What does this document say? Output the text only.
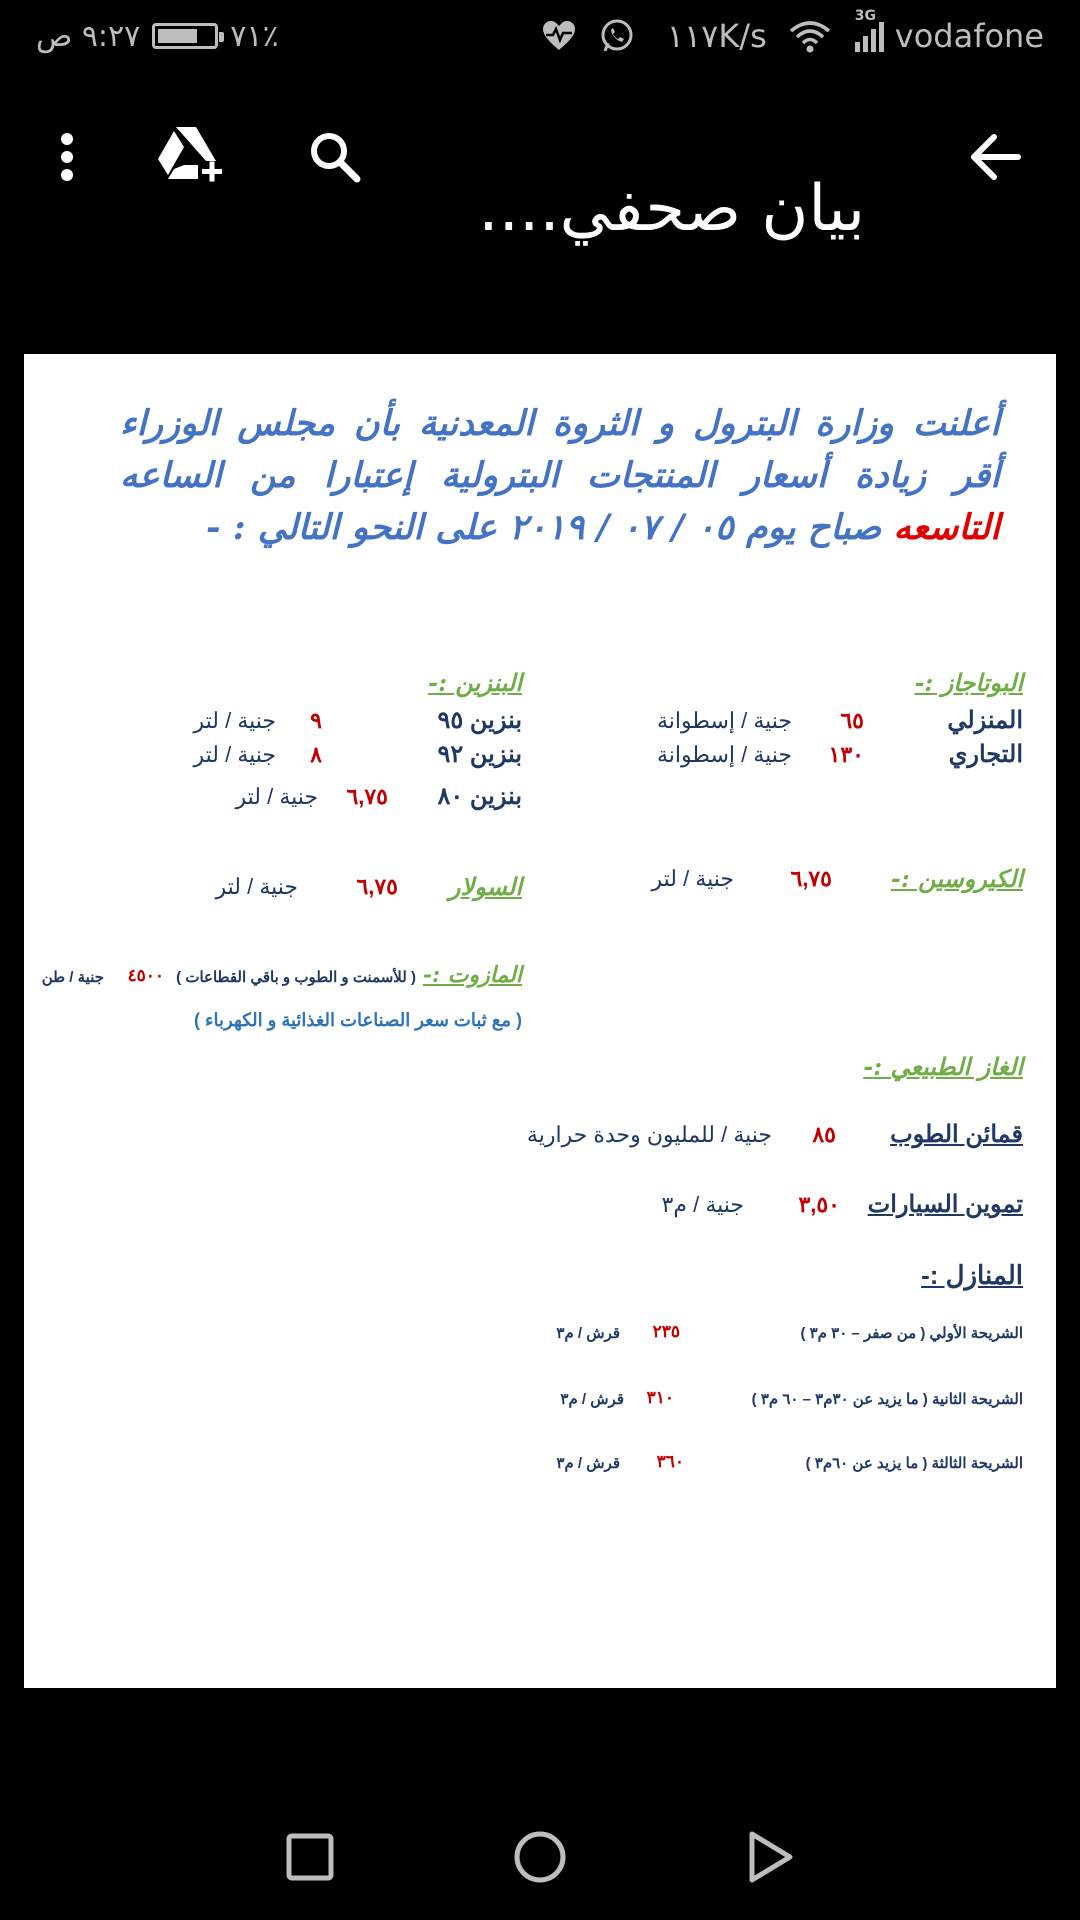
٩:٢٧ ص	٧١٪	١١٧K/s
3G
vodafone
بيان صحفي....
أعلنت وزارة البترول و الثروة المعدنية بأن مجلس الوزراء أقر زيادة أسعار المنتجات البترولية إعتبارا من الساعه التاسعه صباح يوم ٠٥ / ٠٧ / ٢٠١٩ على النحو التالي : -
البوتاجاز :-
المنزلي
٦٥
جنية / إسطوانة
التجاري
١٣٠
جنية / إسطوانة
البنزين :-
بنزين ٩٥
٩
جنية / لتر
بنزين ٩٢
٨
جنية / لتر
بنزين ٨٠
٦,٧٥
جنية / لتر
الكيروسين :-
٦,٧٥
جنية / لتر
السولار
٦,٧٥
جنية / لتر
المازوت :-
( للأسمنت و الطوب و باقي القطاعات )
٤٥٠٠
جنية / طن
( مع ثبات سعر الصناعات الغذائية و الكهرباء )
الغاز الطبيعي :-
قمائن الطوب
٨٥
جنية / للمليون وحدة حرارية
تموين السيارات
٣,٥٠
جنية / م٣
المنازل :-
الشريحة الأولي ( من صفر – ٣٠ م٣ )
٢٣٥
قرش / م٣
الشريحة الثانية ( ما يزيد عن ٣٠م٣ – ٦٠ م٣ )
٣١٠
قرش / م٣
الشريحة الثالثة ( ما يزيد عن ٦٠م٣ )
٣٦٠
قرش / م٣
